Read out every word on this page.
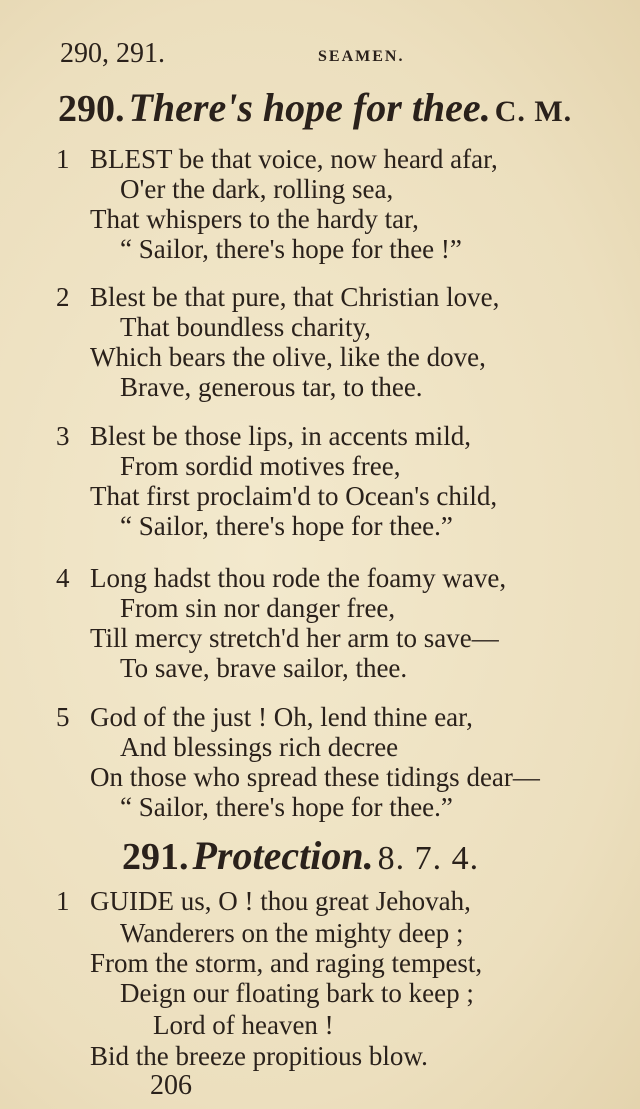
290, 291.	SEAMEN.
290. There's hope for thee. C. M.
1 BLEST be that voice, now heard afar,
O'er the dark, rolling sea,
That whispers to the hardy tar,
“ Sailor, there's hope for thee !”
2 Blest be that pure, that Christian love,
That boundless charity,
Which bears the olive, like the dove,
Brave, generous tar, to thee.
3 Blest be those lips, in accents mild,
From sordid motives free,
That first proclaim'd to Ocean's child,
“ Sailor, there's hope for thee.”
4 Long hadst thou rode the foamy wave,
From sin nor danger free,
Till mercy stretch'd her arm to save—
To save, brave sailor, thee.
5 God of the just ! Oh, lend thine ear,
And blessings rich decree
On those who spread these tidings dear—
“ Sailor, there's hope for thee.”
291. Protection. 8. 7. 4.
1 GUIDE us, O ! thou great Jehovah,
Wanderers on the mighty deep ;
From the storm, and raging tempest,
Deign our floating bark to keep ;
Lord of heaven !
Bid the breeze propitious blow.
206
